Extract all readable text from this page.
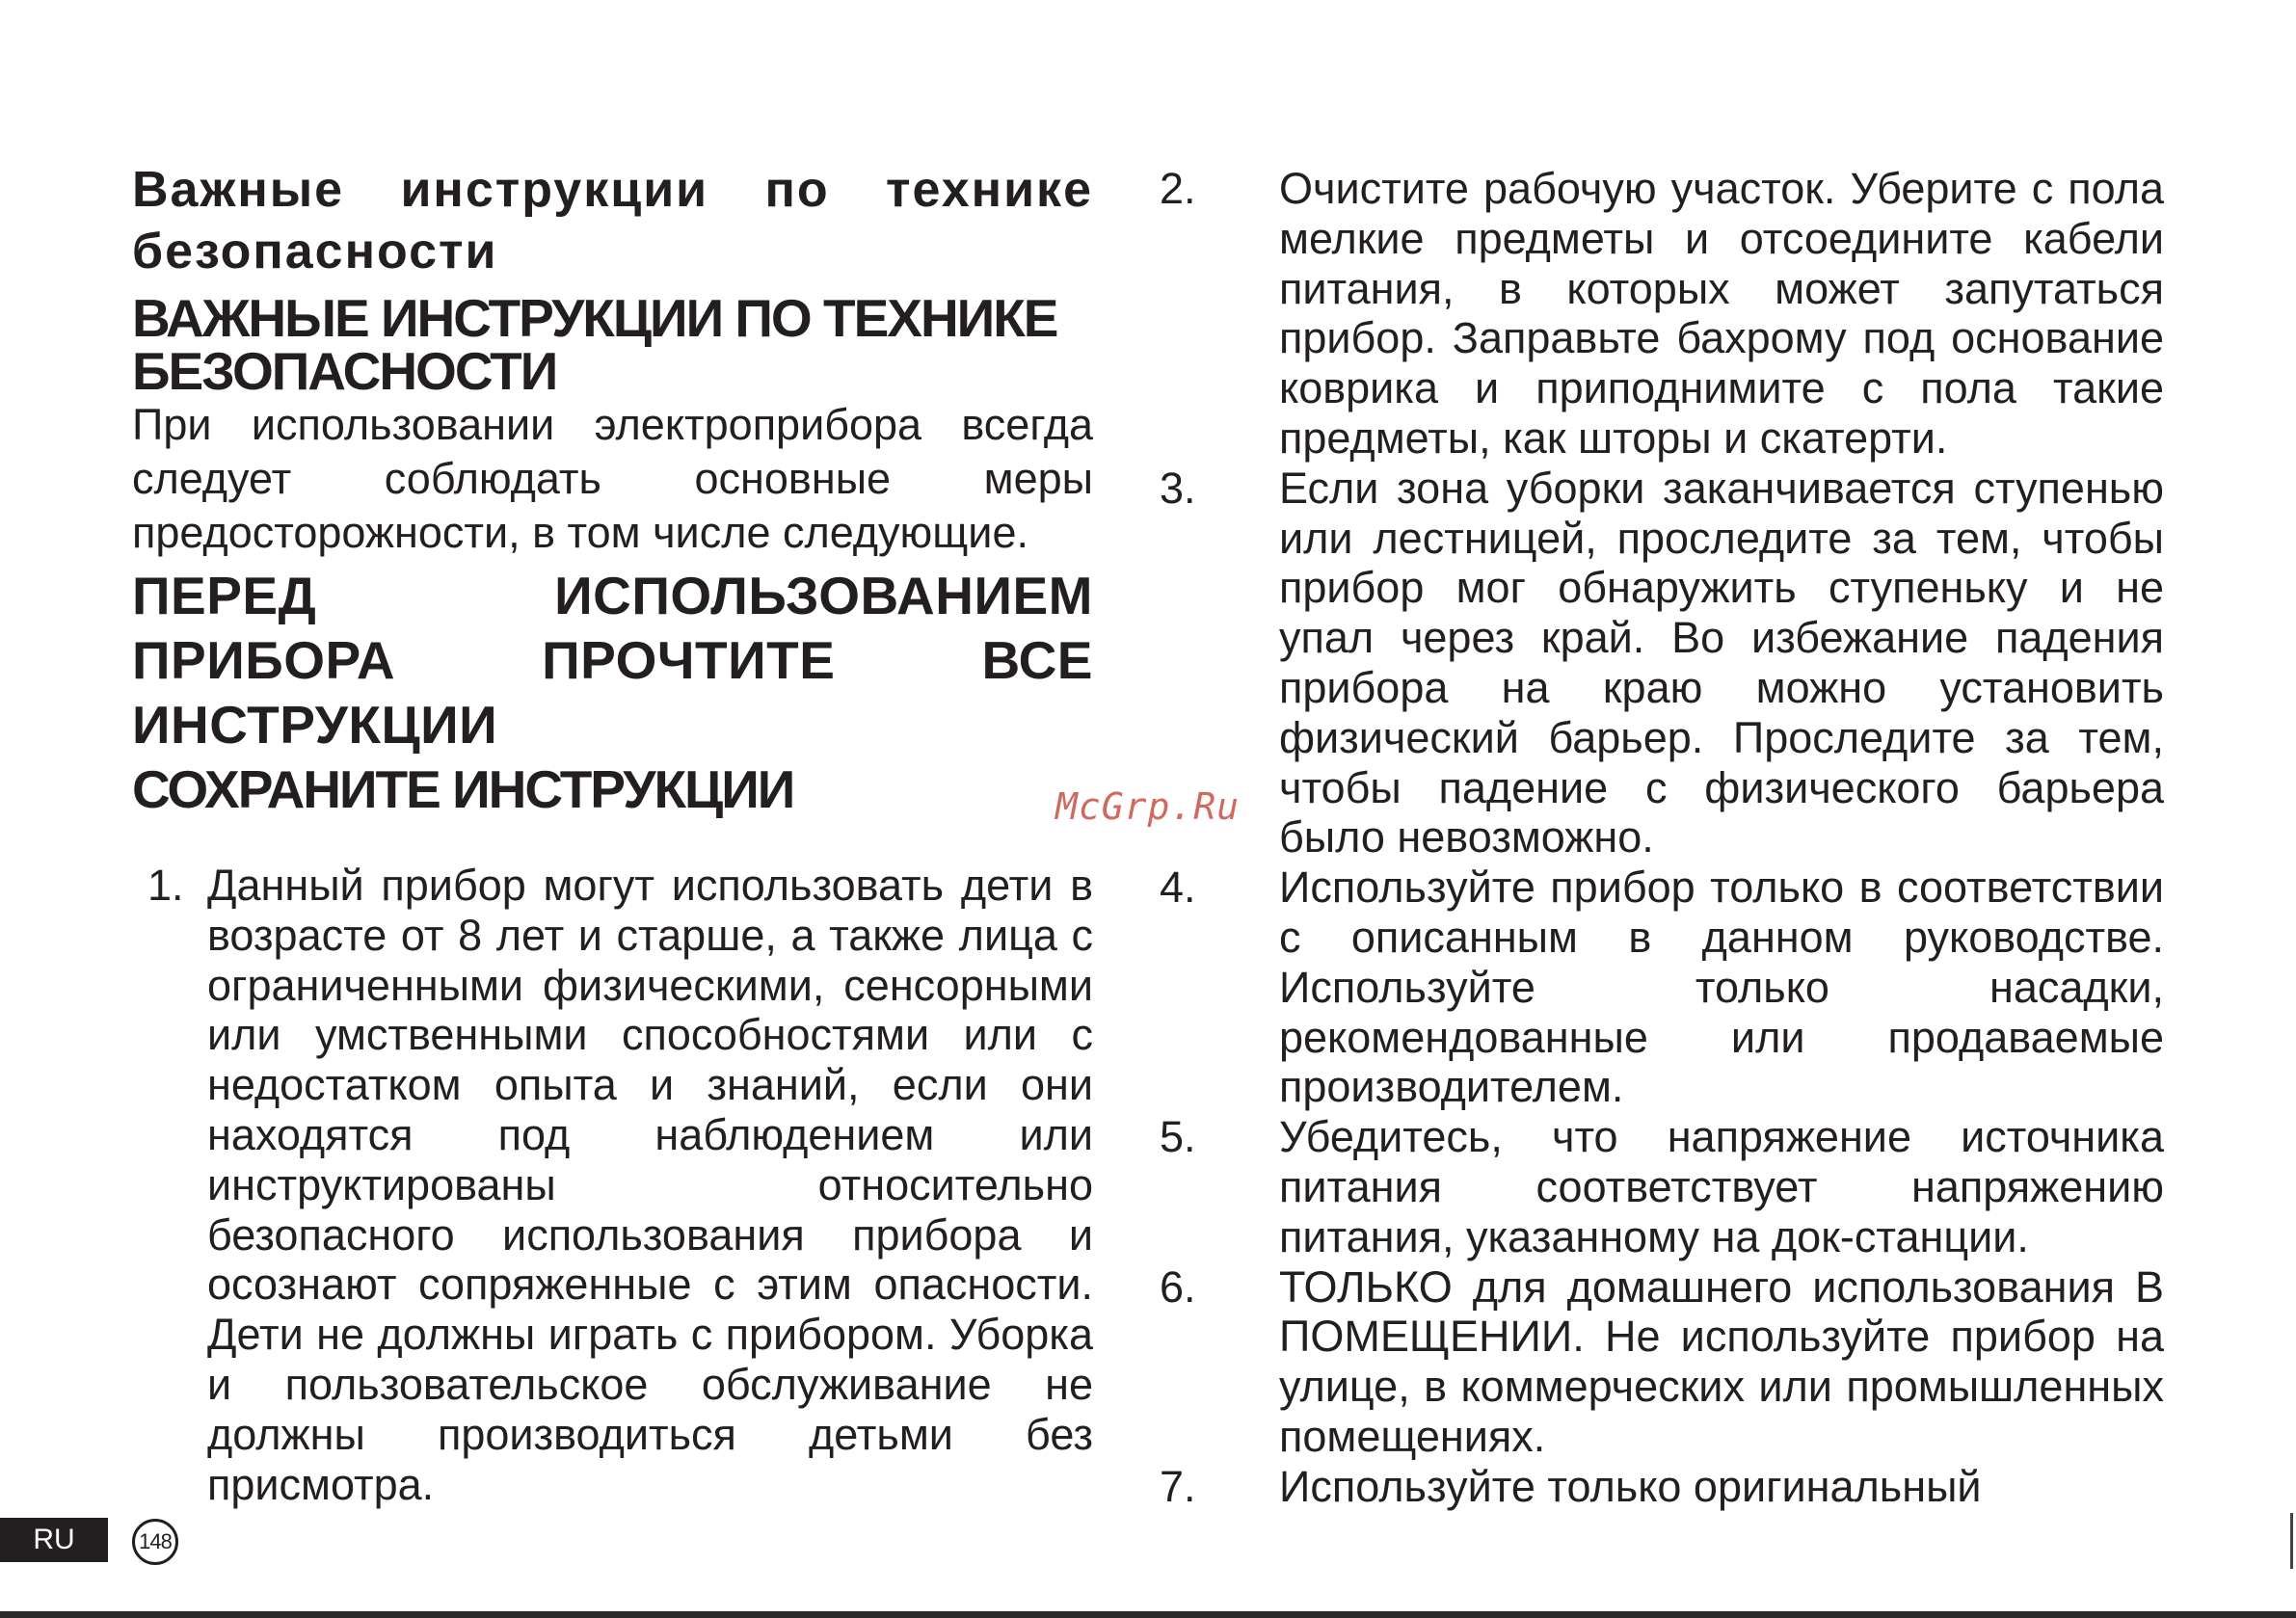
Важные инструкции по технике безопасности
ВАЖНЫЕ ИНСТРУКЦИИ ПО ТЕХНИКЕ БЕЗОПАСНОСТИ

При использовании электроприбора всегда следует соблюдать основные меры предосторожности, в том числе следующие.

ПЕРЕД ИСПОЛЬЗОВАНИЕМ ПРИБОРА ПРОЧТИТЕ ВСЕ ИНСТРУКЦИИ
СОХРАНИТЕ ИНСТРУКЦИИ
1. Данный прибор могут использовать дети в возрасте от 8 лет и старше, а также лица с ограниченными физическими, сенсорными или умственными способностями или с недостатком опыта и знаний, если они находятся под наблюдением или инструктированы относительно безопасного использования прибора и осознают сопряженные с этим опасности. Дети не должны играть с прибором. Уборка и пользовательское обслуживание не должны производиться детьми без присмотра.
2. Очистите рабочую участок. Уберите с пола мелкие предметы и отсоедините кабели питания, в которых может запутаться прибор. Заправьте бахрому под основание коврика и приподнимите с пола такие предметы, как шторы и скатерти.
3. Если зона уборки заканчивается ступенью или лестницей, проследите за тем, чтобы прибор мог обнаружить ступеньку и не упал через край. Во избежание падения прибора на краю можно установить физический барьер. Проследите за тем, чтобы падение с физического барьера было невозможно.
4. Используйте прибор только в соответствии с описанным в данном руководстве. Используйте только насадки, рекомендованные или продаваемые производителем.
5. Убедитесь, что напряжение источника питания соответствует напряжению питания, указанному на док-станции.
6. ТОЛЬКО для домашнего использования В ПОМЕЩЕНИИ. Не используйте прибор на улице, в коммерческих или промышленных помещениях.
7. Используйте только оригинальный
McGrp.Ru
RU	148
